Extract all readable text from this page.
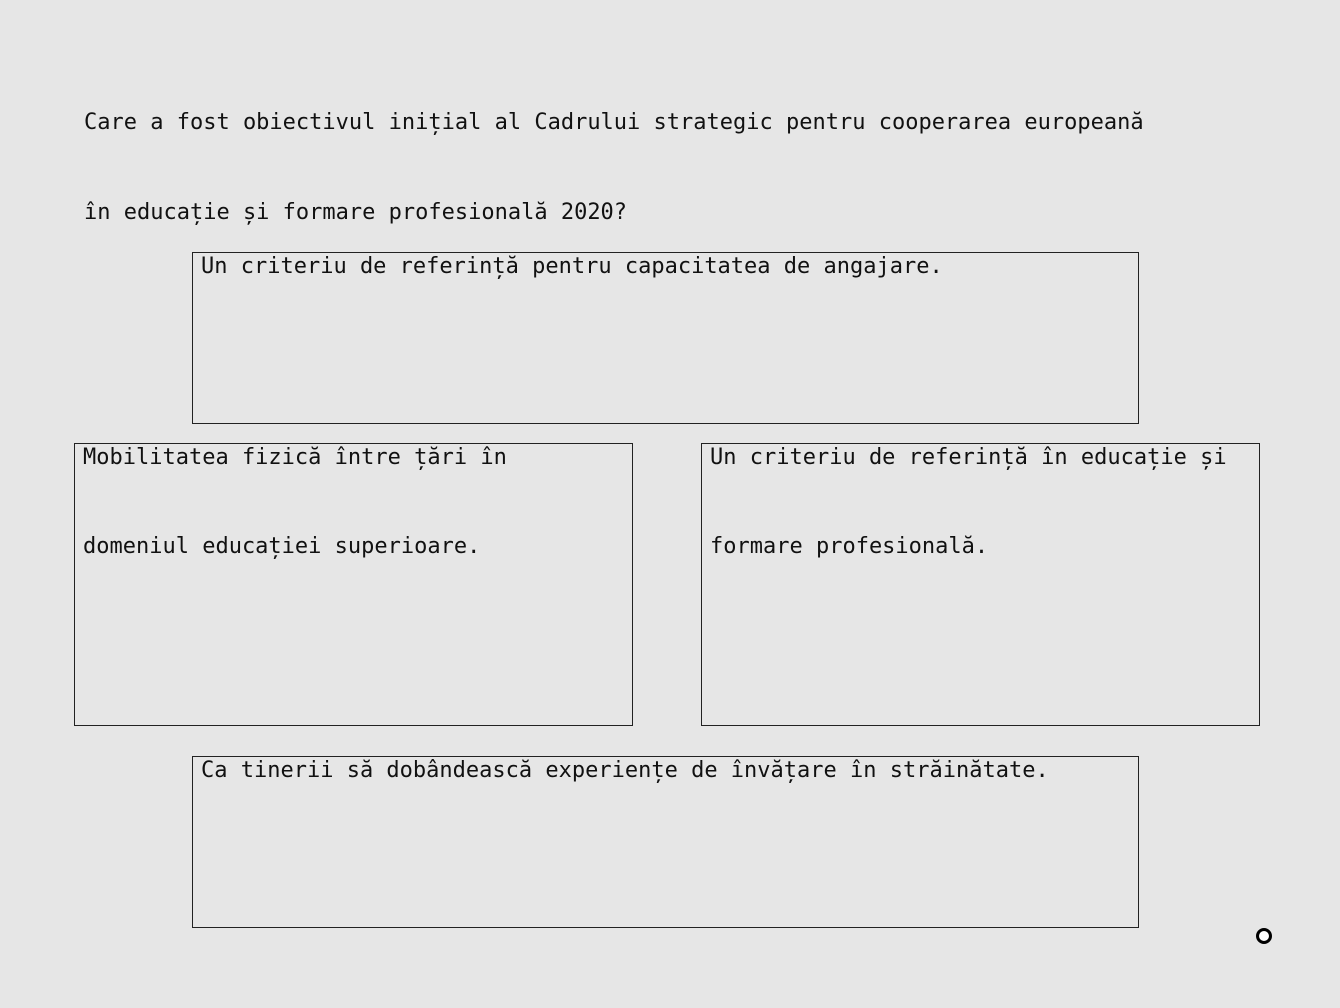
Care a fost obiectivul inițial al Cadrului strategic pentru cooperarea europeană
în educație și formare profesională 2020?
Un criteriu de referință pentru capacitatea de angajare.
Mobilitatea fizică între țări în
domeniul educației superioare.
Un criteriu de referință în educație și
formare profesională.
Ca tinerii să dobândească experiențe de învățare în străinătate.
